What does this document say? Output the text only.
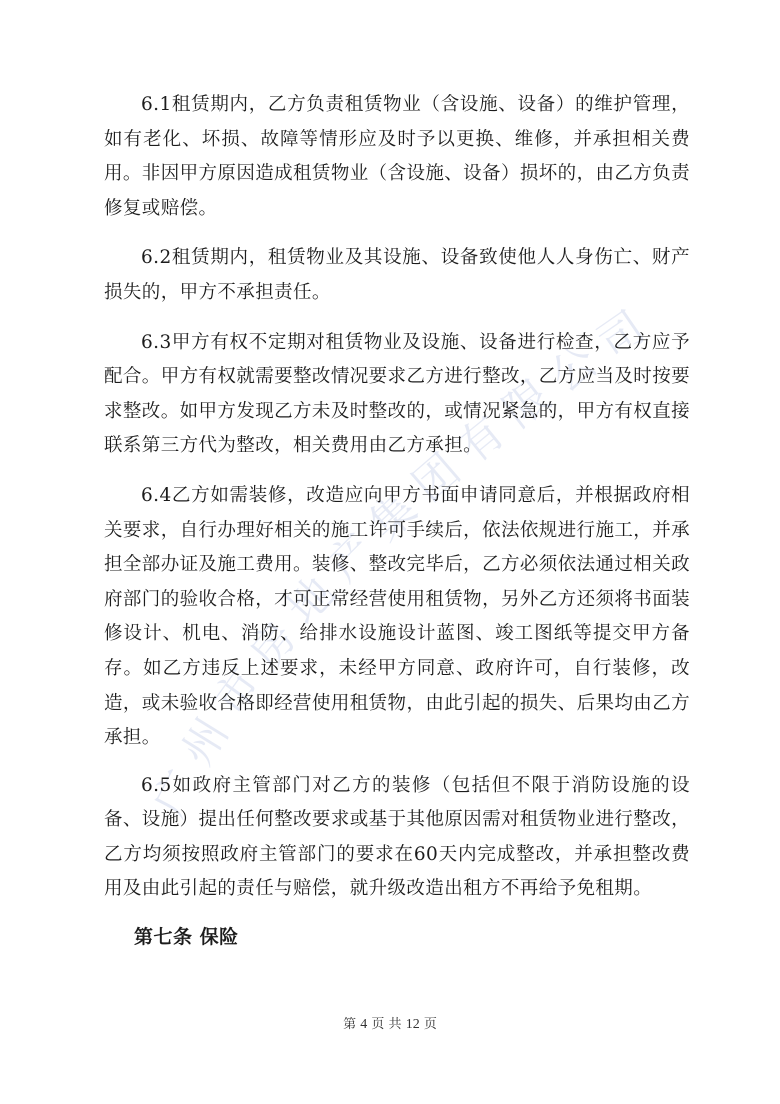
广州市房地产集团有限公司

6.1租赁期内，乙方负责租赁物业（含设施、设备）的维护管理，如有老化、坏损、故障等情形应及时予以更换、维修，并承担相关费用。非因甲方原因造成租赁物业（含设施、设备）损坏的，由乙方负责修复或赔偿。

6.2租赁期内，租赁物业及其设施、设备致使他人人身伤亡、财产损失的，甲方不承担责任。

6.3甲方有权不定期对租赁物业及设施、设备进行检查，乙方应予配合。甲方有权就需要整改情况要求乙方进行整改，乙方应当及时按要求整改。如甲方发现乙方未及时整改的，或情况紧急的，甲方有权直接联系第三方代为整改，相关费用由乙方承担。

6.4乙方如需装修，改造应向甲方书面申请同意后，并根据政府相关要求，自行办理好相关的施工许可手续后，依法依规进行施工，并承担全部办证及施工费用。装修、整改完毕后，乙方必须依法通过相关政府部门的验收合格，才可正常经营使用租赁物，另外乙方还须将书面装修设计、机电、消防、给排水设施设计蓝图、竣工图纸等提交甲方备存。如乙方违反上述要求，未经甲方同意、政府许可，自行装修，改造，或未验收合格即经营使用租赁物，由此引起的损失、后果均由乙方承担。

6.5如政府主管部门对乙方的装修（包括但不限于消防设施的设备、设施）提出任何整改要求或基于其他原因需对租赁物业进行整改，乙方均须按照政府主管部门的要求在60天内完成整改，并承担整改费用及由此引起的责任与赔偿，就升级改造出租方不再给予免租期。

第七条 保险
第 4 页 共 12 页
